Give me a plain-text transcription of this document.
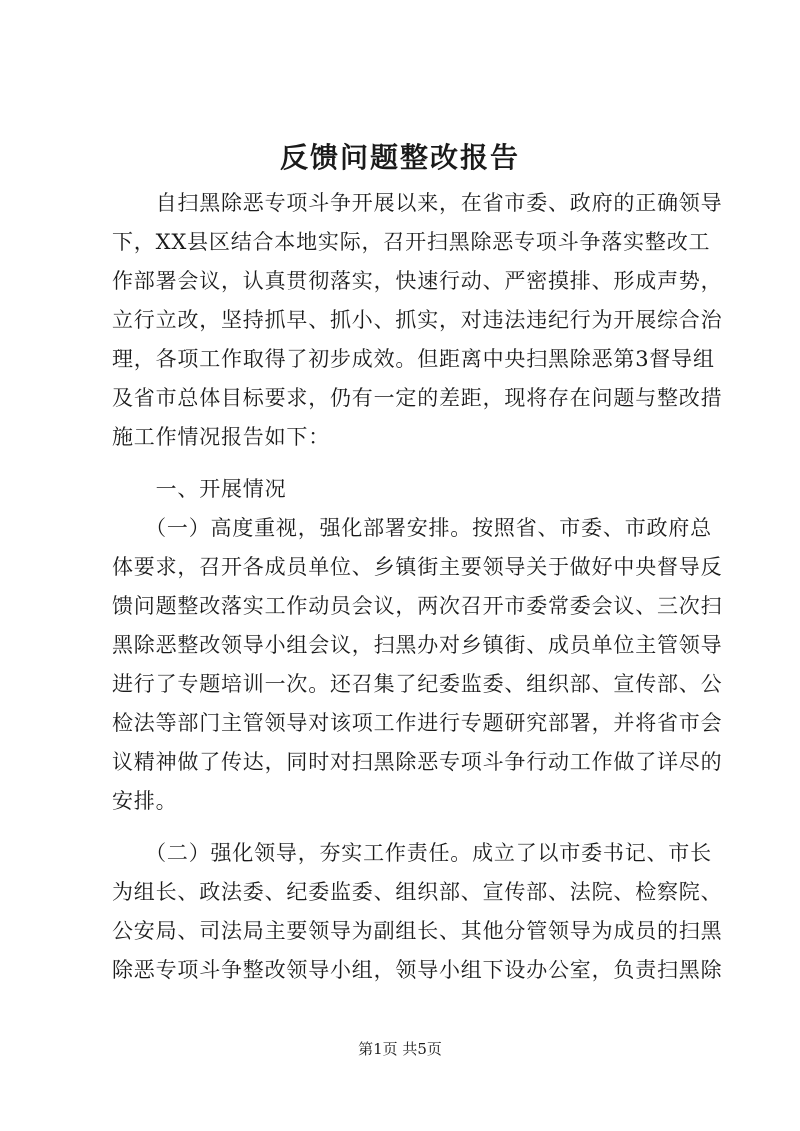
反馈问题整改报告
　　自扫黑除恶专项斗争开展以来，在省市委、政府的正确领导
下，XX县区结合本地实际，召开扫黑除恶专项斗争落实整改工
作部署会议，认真贯彻落实，快速行动、严密摸排、形成声势，
立行立改，坚持抓早、抓小、抓实，对违法违纪行为开展综合治
理，各项工作取得了初步成效。但距离中央扫黑除恶第3督导组
及省市总体目标要求，仍有一定的差距，现将存在问题与整改措
施工作情况报告如下：
　　一、开展情况
　　（一）高度重视，强化部署安排。按照省、市委、市政府总
体要求，召开各成员单位、乡镇街主要领导关于做好中央督导反
馈问题整改落实工作动员会议，两次召开市委常委会议、三次扫
黑除恶整改领导小组会议，扫黑办对乡镇街、成员单位主管领导
进行了专题培训一次。还召集了纪委监委、组织部、宣传部、公
检法等部门主管领导对该项工作进行专题研究部署，并将省市会
议精神做了传达，同时对扫黑除恶专项斗争行动工作做了详尽的
安排。
　　（二）强化领导，夯实工作责任。成立了以市委书记、市长
为组长、政法委、纪委监委、组织部、宣传部、法院、检察院、
公安局、司法局主要领导为副组长、其他分管领导为成员的扫黑
除恶专项斗争整改领导小组，领导小组下设办公室，负责扫黑除
第1页 共5页
